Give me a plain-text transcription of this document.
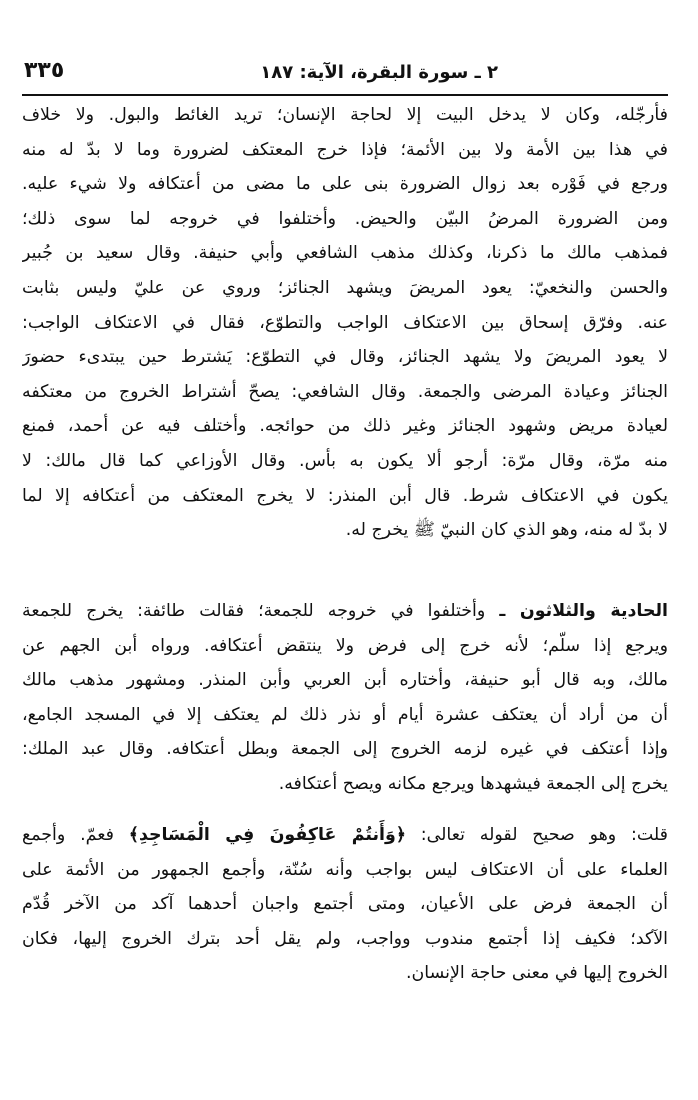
٢ ـ سورة البقرة، الآية: ١٨٧
٣٣٥
فأرجّله، وكان لا يدخل البيت إلا لحاجة الإنسان؛ تريد الغائط والبول. ولا خلاف
في هذا بين الأمة ولا بين الأئمة؛ فإذا خرج المعتكف لضرورة وما لا بدّ له منه
ورجع في فَوْره بعد زوال الضرورة بنى على ما مضى من أعتكافه ولا شيء عليه.
ومن الضرورة المرضُ البيّن والحيض. وأختلفوا في خروجه لما سوى ذلك؛
فمذهب مالك ما ذكرنا، وكذلك مذهب الشافعي وأبي حنيفة. وقال سعيد بن جُبير
والحسن والنخعيّ: يعود المريضَ ويشهد الجنائز؛ وروي عن عليّ وليس بثابت
عنه. وفرّق إسحاق بين الاعتكاف الواجب والتطوّع، فقال في الاعتكاف الواجب:
لا يعود المريضَ ولا يشهد الجنائز، وقال في التطوّع: يَشترط حين يبتدىء حضورَ
الجنائز وعيادة المرضى والجمعة. وقال الشافعي: يصحّ أشتراط الخروج من معتكفه
لعيادة مريض وشهود الجنائز وغير ذلك من حوائجه. وأختلف فيه عن أحمد، فمنع
منه مرّة، وقال مرّة: أرجو ألا يكون به بأس. وقال الأوزاعي كما قال مالك: لا
يكون في الاعتكاف شرط. قال أبن المنذر: لا يخرج المعتكف من أعتكافه إلا لما
لا بدّ له منه، وهو الذي كان النبيّ ﷺ يخرج له.
الحادية والثلاثون ـ وأختلفوا في خروجه للجمعة؛ فقالت طائفة: يخرج للجمعة
ويرجع إذا سلّم؛ لأنه خرج إلى فرض ولا ينتقض أعتكافه. ورواه أبن الجهم عن
مالك، وبه قال أبو حنيفة، وأختاره أبن العربي وأبن المنذر. ومشهور مذهب مالك
أن من أراد أن يعتكف عشرة أيام أو نذر ذلك لم يعتكف إلا في المسجد الجامع،
وإذا أعتكف في غيره لزمه الخروج إلى الجمعة وبطل أعتكافه. وقال عبد الملك:
يخرج إلى الجمعة فيشهدها ويرجع مكانه ويصح أعتكافه.
قلت: وهو صحيح لقوله تعالى: ﴿وَأَنتُمْ عَاكِفُونَ فِي الْمَسَاجِدِ﴾ فعمّ. وأجمع
العلماء على أن الاعتكاف ليس بواجب وأنه سُنّة، وأجمع الجمهور من الأئمة على
أن الجمعة فرض على الأعيان، ومتى أجتمع واجبان أحدهما آكد من الآخر قُدّم
الآكد؛ فكيف إذا أجتمع مندوب وواجب، ولم يقل أحد بترك الخروج إليها، فكان
الخروج إليها في معنى حاجة الإنسان.
